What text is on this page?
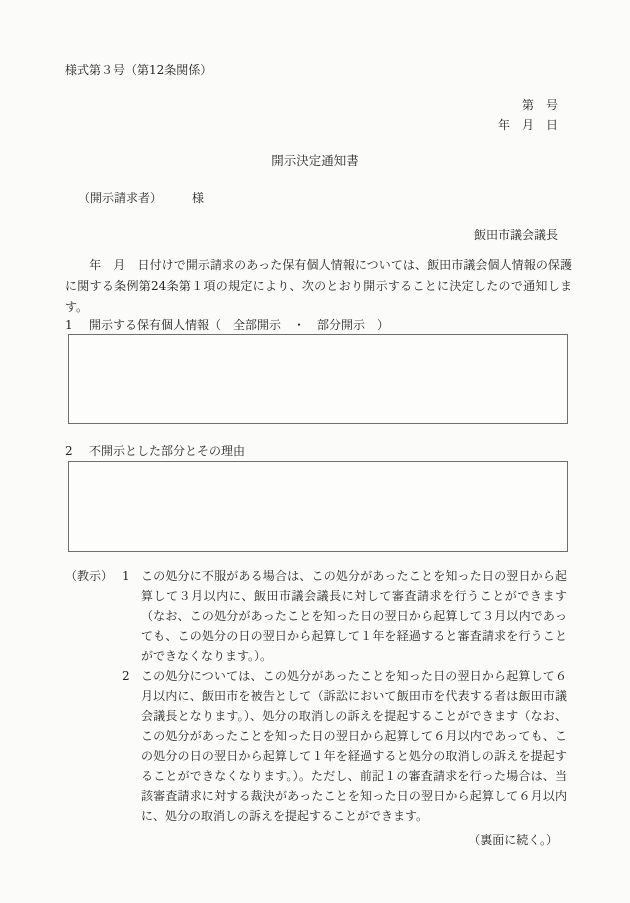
様式第３号（第12条関係）
第　号
年　月　日
開示決定通知書
（開示請求者）　　　様
飯田市議会議長

　　年　月　日付けで開示請求のあった保有個人情報については、飯田市議会個人情報の保護に関する条例第24条第１項の規定により、次のとおり開示することに決定したので通知します。

1	開示する保有個人情報（　全部開示　・　部分開示　）
2	不開示とした部分とその理由
（教示） 1 この処分に不服がある場合は、この処分があったことを知った日の翌日から起算して３月以内に、飯田市議会議長に対して審査請求を行うことができます（なお、この処分があったことを知った日の翌日から起算して３月以内であっても、この処分の日の翌日から起算して１年を経過すると審査請求を行うことができなくなります。）。
2 この処分については、この処分があったことを知った日の翌日から起算して６月以内に、飯田市を被告として（訴訟において飯田市を代表する者は飯田市議会議長となります。）、処分の取消しの訴えを提起することができます（なお、この処分があったことを知った日の翌日から起算して６月以内であっても、この処分の日の翌日から起算して１年を経過すると処分の取消しの訴えを提起することができなくなります。）。ただし、前記１の審査請求を行った場合は、当該審査請求に対する裁決があったことを知った日の翌日から起算して６月以内に、処分の取消しの訴えを提起することができます。
（裏面に続く。）
